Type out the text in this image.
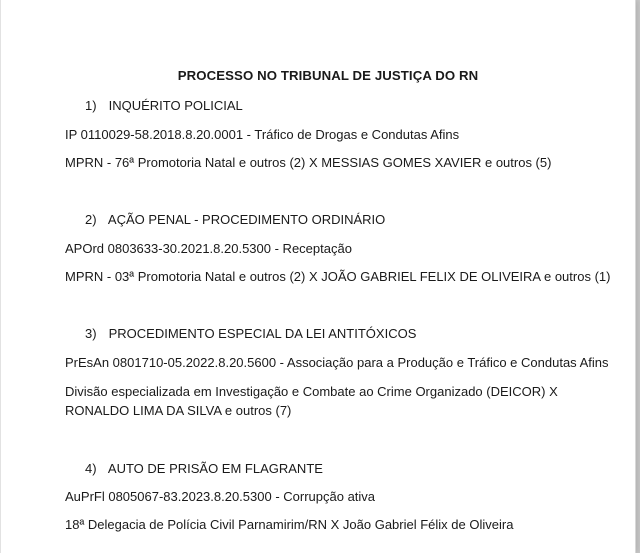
PROCESSO NO TRIBUNAL DE JUSTIÇA DO RN
1) INQUÉRITO POLICIAL
IP 0110029-58.2018.8.20.0001 - Tráfico de Drogas e Condutas Afins
MPRN - 76ª Promotoria Natal e outros (2) X MESSIAS GOMES XAVIER e outros (5)
2) AÇÃO PENAL - PROCEDIMENTO ORDINÁRIO
APOrd 0803633-30.2021.8.20.5300 - Receptação
MPRN - 03ª Promotoria Natal e outros (2) X JOÃO GABRIEL FELIX DE OLIVEIRA e outros (1)
3) PROCEDIMENTO ESPECIAL DA LEI ANTITÓXICOS
PrEsAn 0801710-05.2022.8.20.5600 - Associação para a Produção e Tráfico e Condutas Afins
Divisão especializada em Investigação e Combate ao Crime Organizado (DEICOR) X RONALDO LIMA DA SILVA e outros (7)
4) AUTO DE PRISÃO EM FLAGRANTE
AuPrFl 0805067-83.2023.8.20.5300 - Corrupção ativa
18ª Delegacia de Polícia Civil Parnamirim/RN X João Gabriel Félix de Oliveira
